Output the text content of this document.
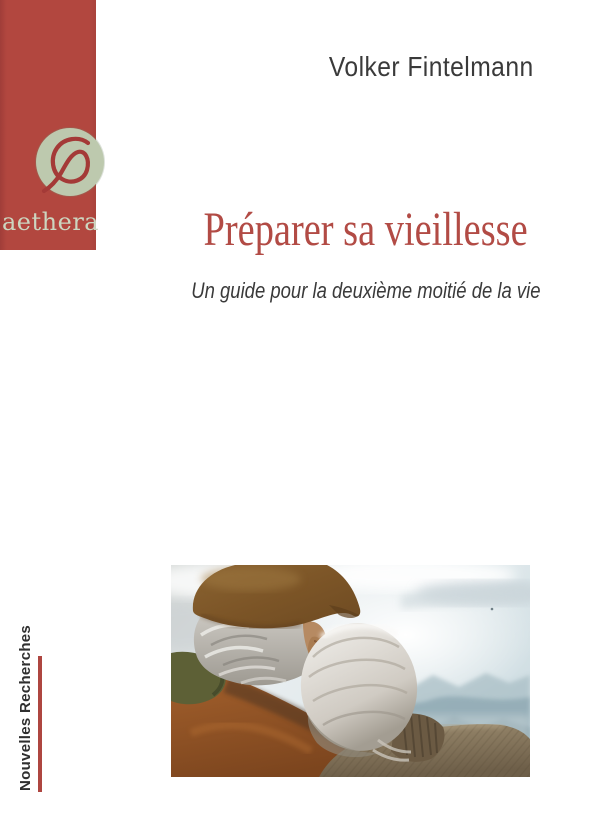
aethera
Nouvelles Recherches
Volker Fintelmann
Préparer sa vieillesse
Un guide pour la deuxième moitié de la vie
